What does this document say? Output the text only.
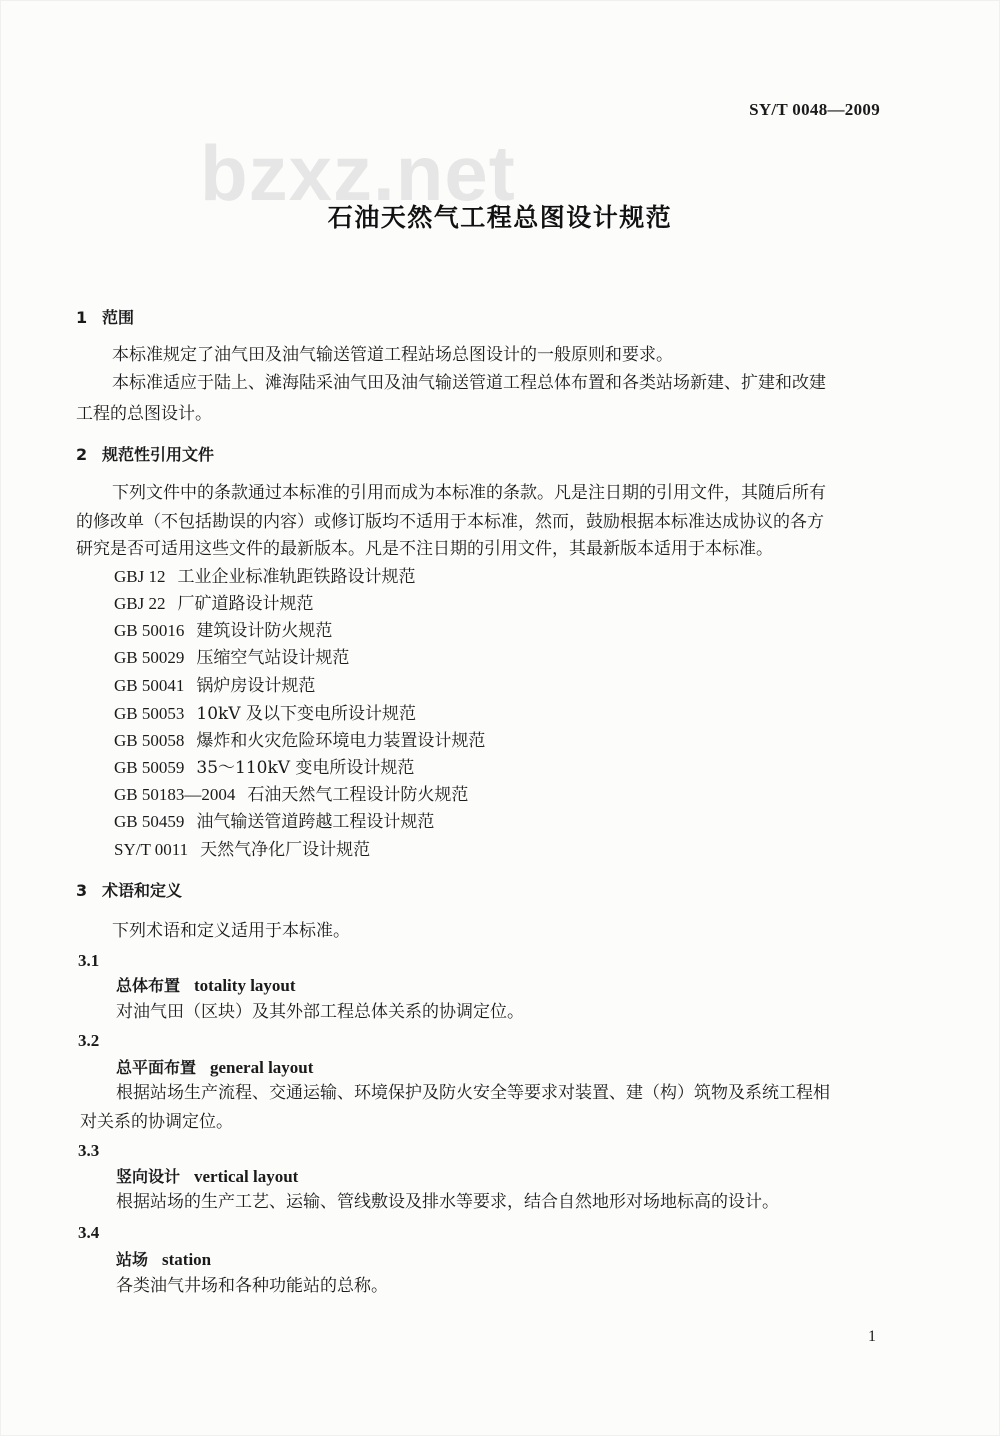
SY/T 0048—2009
bzxz.net
石油天然气工程总图设计规范
1 范围
本标准规定了油气田及油气输送管道工程站场总图设计的一般原则和要求。
本标准适应于陆上、滩海陆采油气田及油气输送管道工程总体布置和各类站场新建、扩建和改建
工程的总图设计。
2 规范性引用文件
下列文件中的条款通过本标准的引用而成为本标准的条款。凡是注日期的引用文件，其随后所有
的修改单（不包括勘误的内容）或修订版均不适用于本标准，然而，鼓励根据本标准达成协议的各方
研究是否可适用这些文件的最新版本。凡是不注日期的引用文件，其最新版本适用于本标准。
GBJ 12 工业企业标准轨距铁路设计规范
GBJ 22 厂矿道路设计规范
GB 50016 建筑设计防火规范
GB 50029 压缩空气站设计规范
GB 50041 锅炉房设计规范
GB 50053 10kV 及以下变电所设计规范
GB 50058 爆炸和火灾危险环境电力装置设计规范
GB 50059 35～110kV 变电所设计规范
GB 50183—2004 石油天然气工程设计防火规范
GB 50459 油气输送管道跨越工程设计规范
SY/T 0011 天然气净化厂设计规范
3 术语和定义
下列术语和定义适用于本标准。
3.1
总体布置 totality layout
对油气田（区块）及其外部工程总体关系的协调定位。
3.2
总平面布置 general layout
根据站场生产流程、交通运输、环境保护及防火安全等要求对装置、建（构）筑物及系统工程相
对关系的协调定位。
3.3
竖向设计 vertical layout
根据站场的生产工艺、运输、管线敷设及排水等要求，结合自然地形对场地标高的设计。
3.4
站场 station
各类油气井场和各种功能站的总称。
1
